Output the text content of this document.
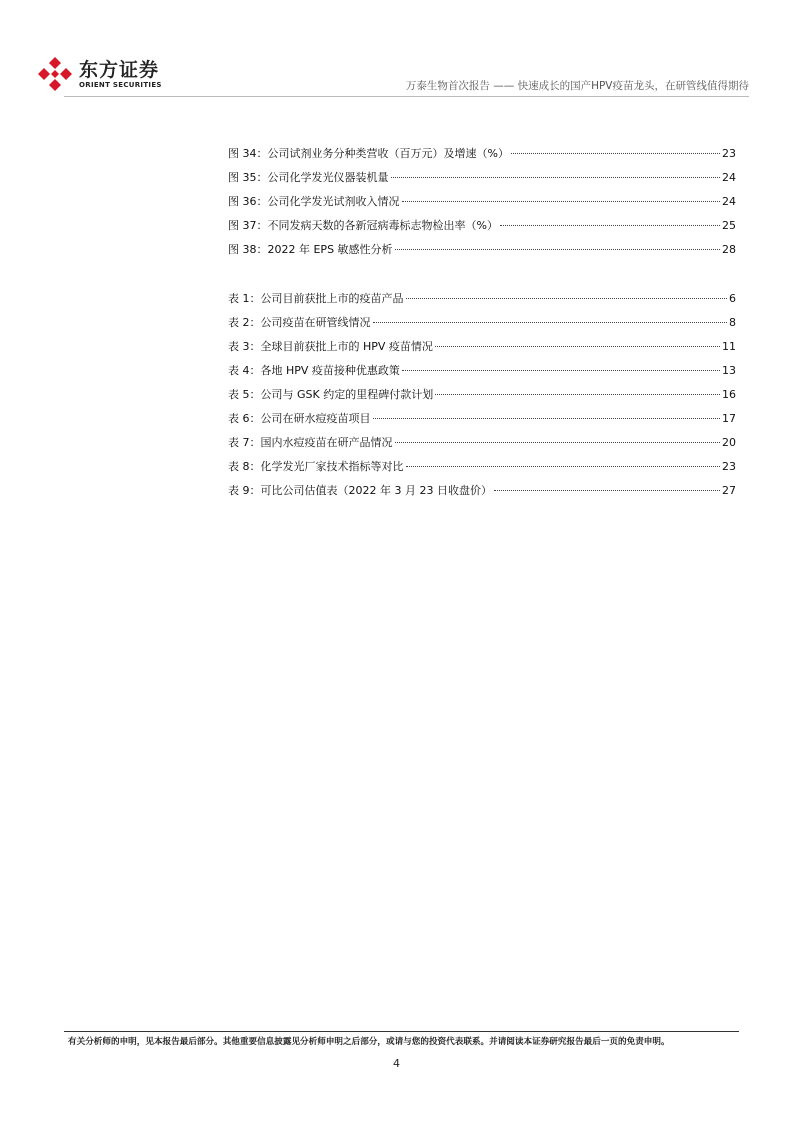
东方证券
ORIENT SECURITIES	万泰生物首次报告 —— 快速成长的国产HPV疫苗龙头，在研管线值得期待
图 34：公司试剂业务分种类营收（百万元）及增速（%）	23
图 35：公司化学发光仪器装机量	24
图 36：公司化学发光试剂收入情况	24
图 37：不同发病天数的各新冠病毒标志物检出率（%）	25
图 38：2022 年 EPS 敏感性分析	28
表 1：公司目前获批上市的疫苗产品	6
表 2：公司疫苗在研管线情况	8
表 3：全球目前获批上市的 HPV 疫苗情况	11
表 4：各地 HPV 疫苗接种优惠政策	13
表 5：公司与 GSK 约定的里程碑付款计划	16
表 6：公司在研水痘疫苗项目	17
表 7：国内水痘疫苗在研产品情况	20
表 8：化学发光厂家技术指标等对比	23
表 9：可比公司估值表（2022 年 3 月 23 日收盘价）	27
有关分析师的申明，见本报告最后部分。其他重要信息披露见分析师申明之后部分，或请与您的投资代表联系。并请阅读本证券研究报告最后一页的免责申明。
4
